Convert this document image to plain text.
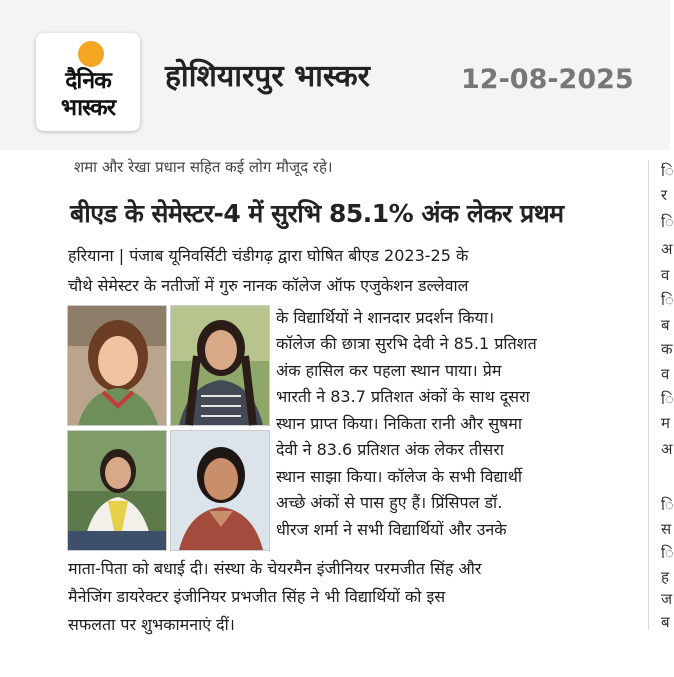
दैनिक
भास्कर
होशियारपुर भास्कर	12-08-2025
शमा और रेखा प्रधान सहित कई लोग मौजूद रहे।
बीएड के सेमेस्टर-4 में सुरभि 85.1% अंक लेकर प्रथम
हरियाना | पंजाब यूनिवर्सिटी चंडीगढ़ द्वारा घोषित बीएड 2023-25 के
चौथे सेमेस्टर के नतीजों में गुरु नानक कॉलेज ऑफ एजुकेशन डल्लेवाल
के विद्यार्थियों ने शानदार प्रदर्शन किया।
कॉलेज की छात्रा सुरभि देवी ने 85.1 प्रतिशत
अंक हासिल कर पहला स्थान पाया। प्रेम
भारती ने 83.7 प्रतिशत अंकों के साथ दूसरा
स्थान प्राप्त किया। निकिता रानी और सुषमा
देवी ने 83.6 प्रतिशत अंक लेकर तीसरा
स्थान साझा किया। कॉलेज के सभी विद्यार्थी
अच्छे अंकों से पास हुए हैं। प्रिंसिपल डॉ.
धीरज शर्मा ने सभी विद्यार्थियों और उनके
माता-पिता को बधाई दी। संस्था के चेयरमैन इंजीनियर परमजीत सिंह और
मैनेजिंग डायरेक्टर इंजीनियर प्रभजीत सिंह ने भी विद्यार्थियों को इस
सफलता पर शुभकामनाएं दीं।
ि
र
ि
अ
व
ि
ब
क
व
ि
म
अ
ि
स
ि
ह
ज
ब
